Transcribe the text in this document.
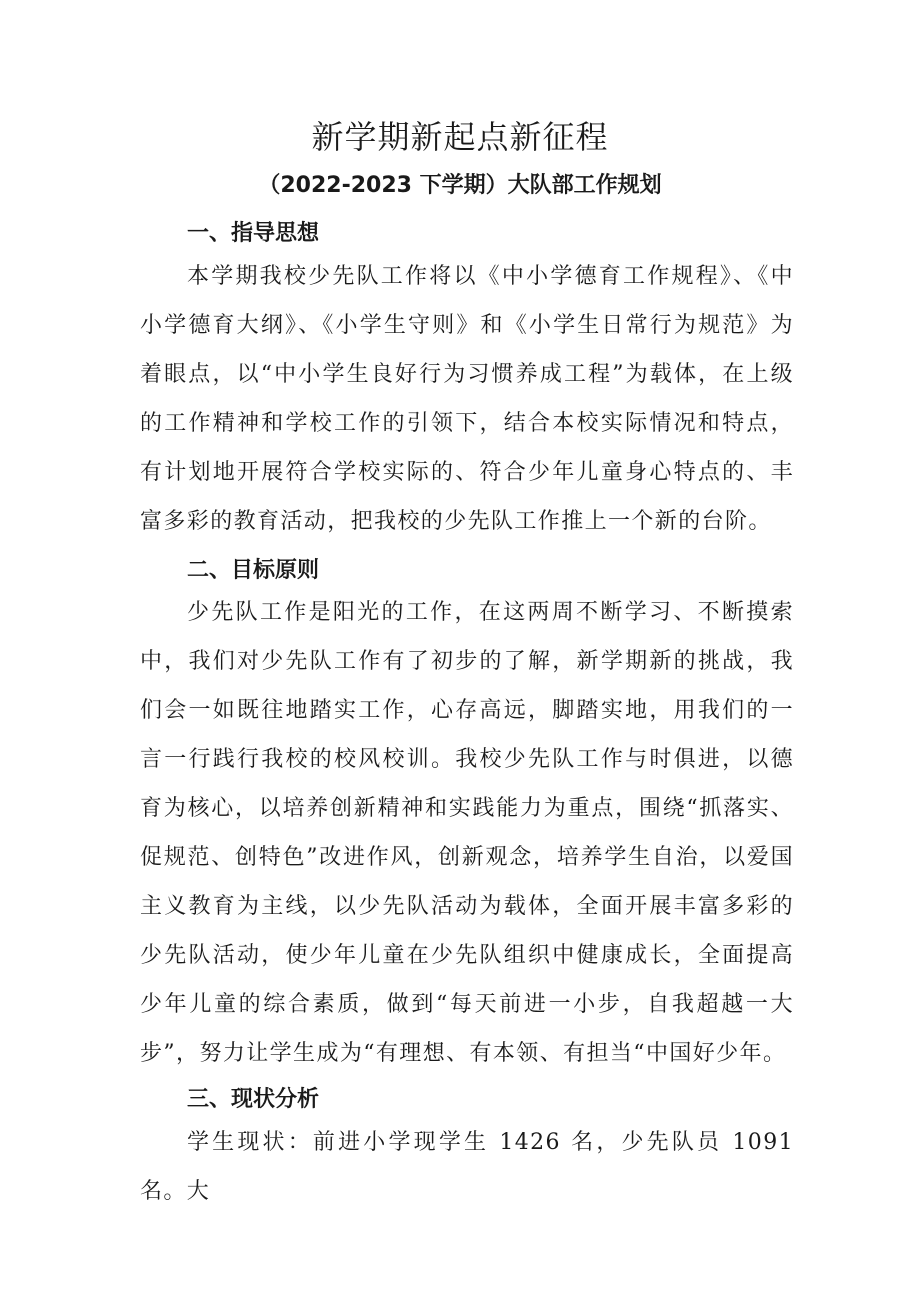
新学期新起点新征程
（2022-2023 下学期）大队部工作规划
一、指导思想

本学期我校少先队工作将以《中小学德育工作规程》、《中小学德育大纲》、《小学生守则》和《小学生日常行为规范》为着眼点，以“中小学生良好行为习惯养成工程”为载体，在上级的工作精神和学校工作的引领下，结合本校实际情况和特点，有计划地开展符合学校实际的、符合少年儿童身心特点的、丰富多彩的教育活动，把我校的少先队工作推上一个新的台阶。

二、目标原则

少先队工作是阳光的工作，在这两周不断学习、不断摸索中，我们对少先队工作有了初步的了解，新学期新的挑战，我们会一如既往地踏实工作，心存高远，脚踏实地，用我们的一言一行践行我校的校风校训。我校少先队工作与时俱进，以德育为核心，以培养创新精神和实践能力为重点，围绕“抓落实、促规范、创特色”改进作风，创新观念，培养学生自治，以爱国主义教育为主线，以少先队活动为载体，全面开展丰富多彩的少先队活动，使少年儿童在少先队组织中健康成长，全面提高少年儿童的综合素质，做到“每天前进一小步，自我超越一大步”，努力让学生成为“有理想、有本领、有担当“中国好少年。

三、现状分析

学生现状：前进小学现学生 1426 名，少先队员 1091 名。大
